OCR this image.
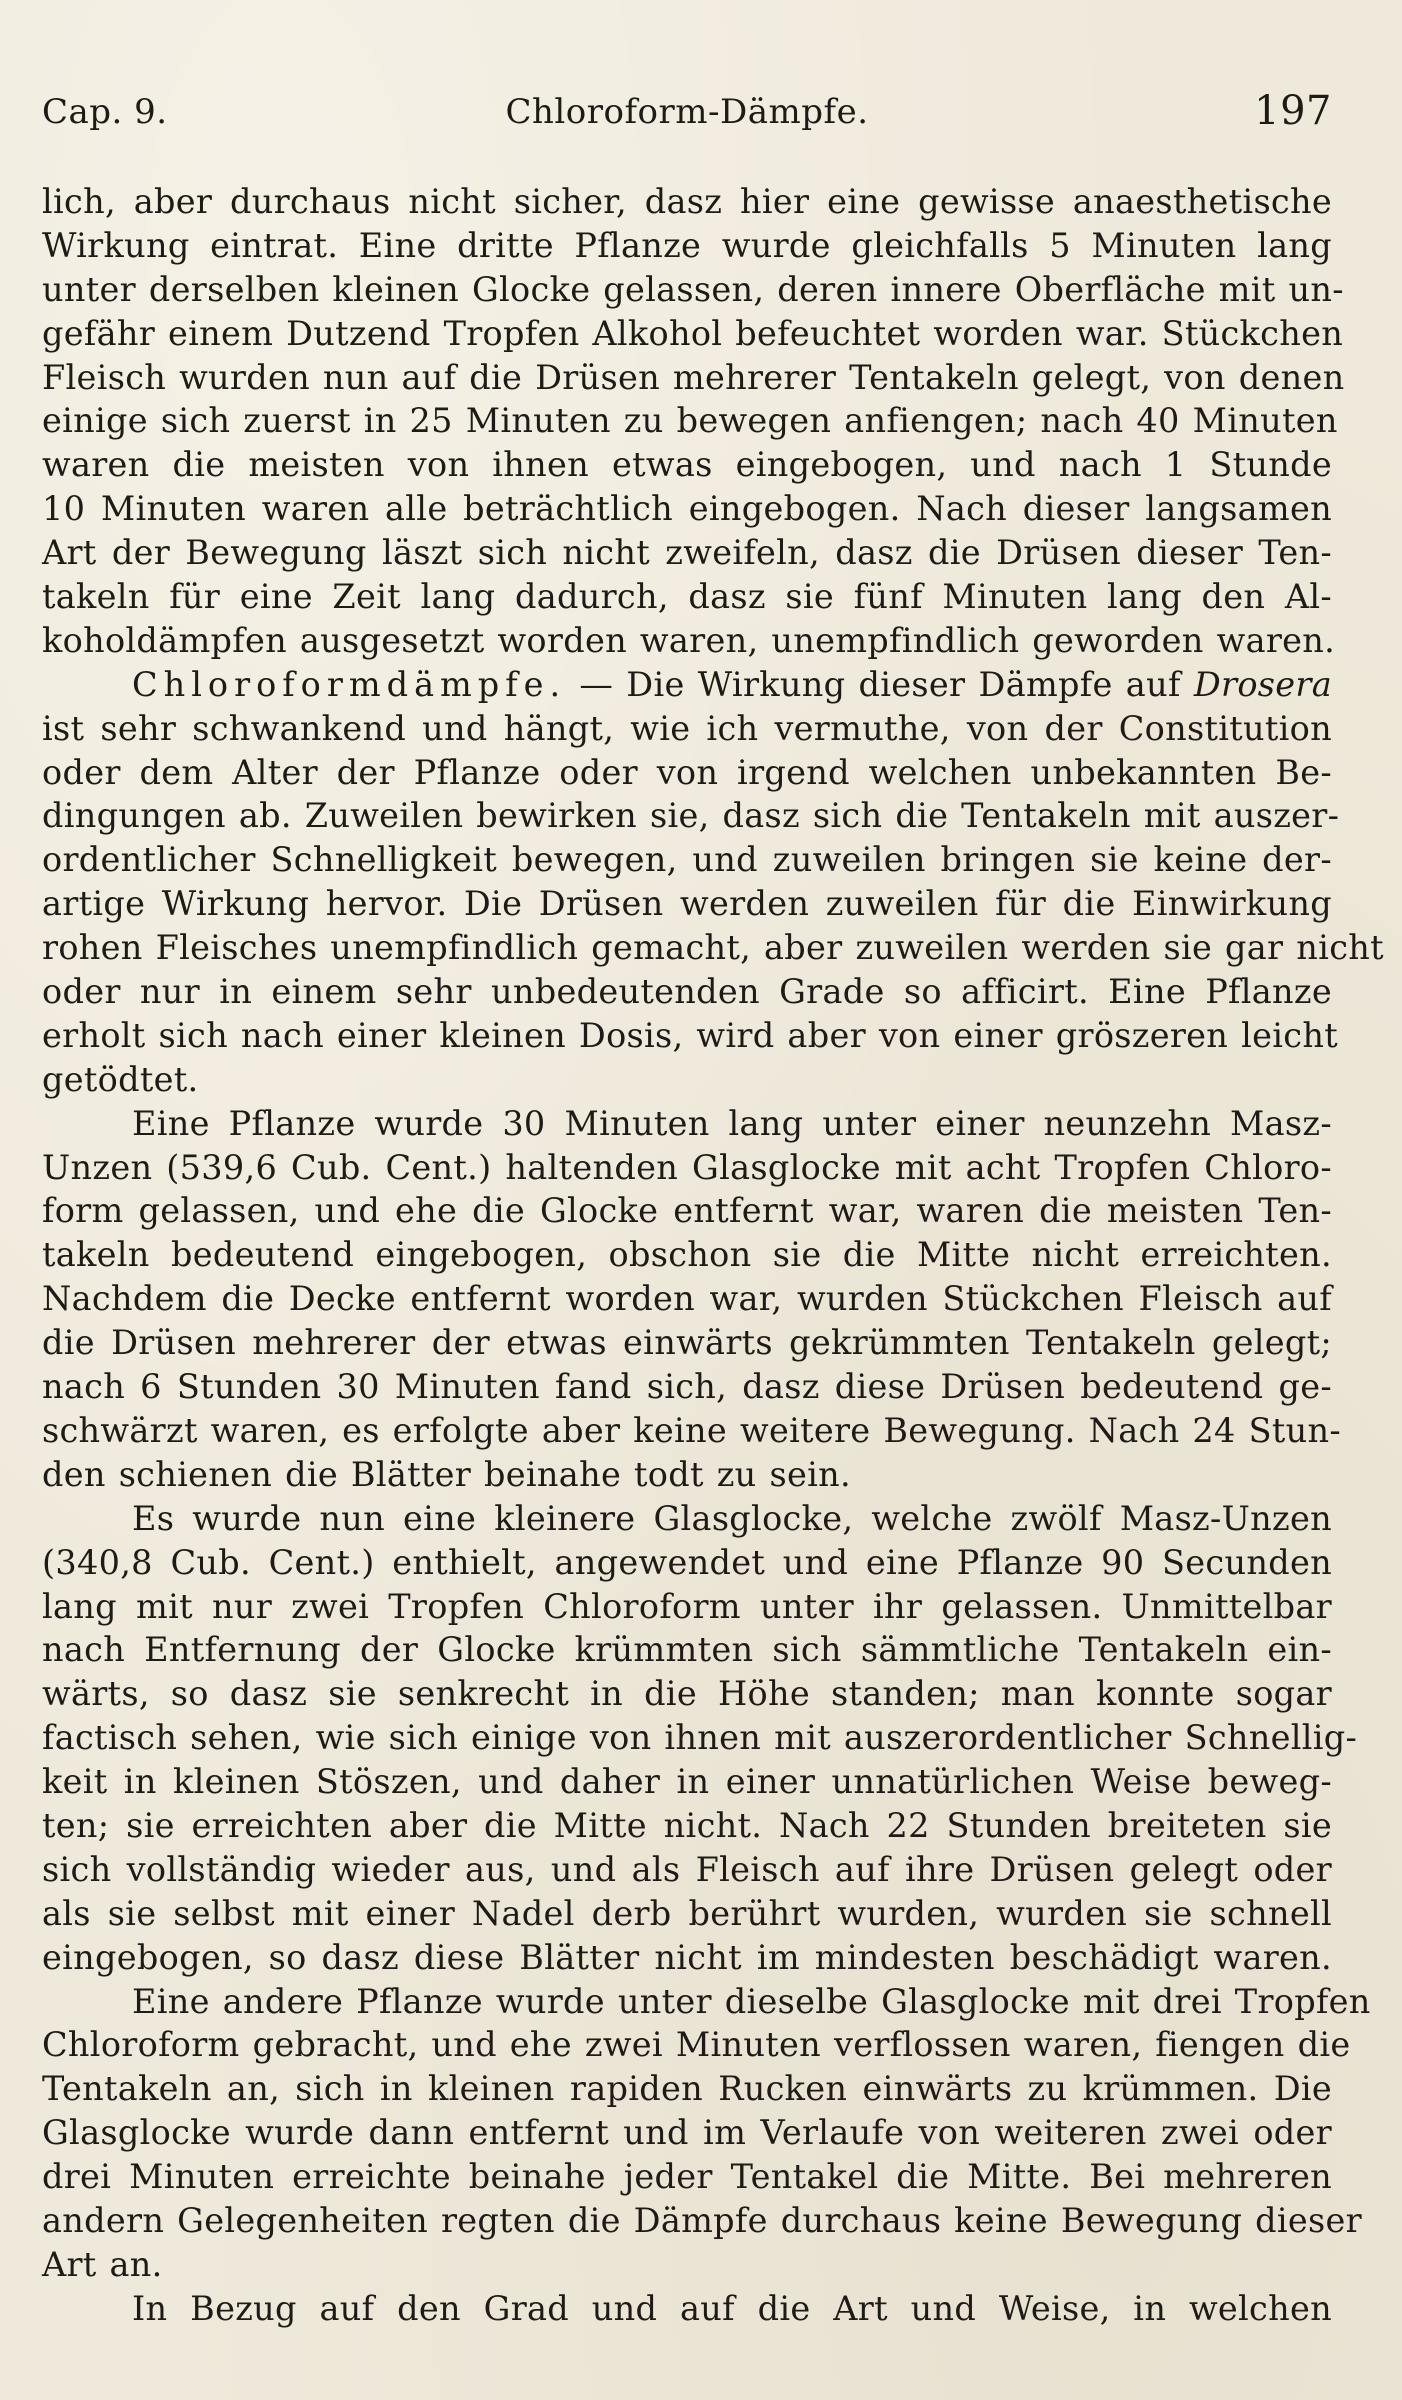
Cap. 9.	Chloroform-Dämpfe.	197
lich, aber durchaus nicht sicher, dasz hier eine gewisse anaesthetische
Wirkung eintrat. Eine dritte Pflanze wurde gleichfalls 5 Minuten lang
unter derselben kleinen Glocke gelassen, deren innere Oberfläche mit un-
gefähr einem Dutzend Tropfen Alkohol befeuchtet worden war. Stückchen
Fleisch wurden nun auf die Drüsen mehrerer Tentakeln gelegt, von denen
einige sich zuerst in 25 Minuten zu bewegen anfiengen; nach 40 Minuten
waren die meisten von ihnen etwas eingebogen, und nach 1 Stunde
10 Minuten waren alle beträchtlich eingebogen. Nach dieser langsamen
Art der Bewegung läszt sich nicht zweifeln, dasz die Drüsen dieser Ten-
takeln für eine Zeit lang dadurch, dasz sie fünf Minuten lang den Al-
koholdämpfen ausgesetzt worden waren, unempfindlich geworden waren.
Chloroformdämpfe. — Die Wirkung dieser Dämpfe auf Drosera
ist sehr schwankend und hängt, wie ich vermuthe, von der Constitution
oder dem Alter der Pflanze oder von irgend welchen unbekannten Be-
dingungen ab. Zuweilen bewirken sie, dasz sich die Tentakeln mit auszer-
ordentlicher Schnelligkeit bewegen, und zuweilen bringen sie keine der-
artige Wirkung hervor. Die Drüsen werden zuweilen für die Einwirkung
rohen Fleisches unempfindlich gemacht, aber zuweilen werden sie gar nicht
oder nur in einem sehr unbedeutenden Grade so afficirt. Eine Pflanze
erholt sich nach einer kleinen Dosis, wird aber von einer gröszeren leicht
getödtet.
Eine Pflanze wurde 30 Minuten lang unter einer neunzehn Masz-
Unzen (539,6 Cub. Cent.) haltenden Glasglocke mit acht Tropfen Chloro-
form gelassen, und ehe die Glocke entfernt war, waren die meisten Ten-
takeln bedeutend eingebogen, obschon sie die Mitte nicht erreichten.
Nachdem die Decke entfernt worden war, wurden Stückchen Fleisch auf
die Drüsen mehrerer der etwas einwärts gekrümmten Tentakeln gelegt;
nach 6 Stunden 30 Minuten fand sich, dasz diese Drüsen bedeutend ge-
schwärzt waren, es erfolgte aber keine weitere Bewegung. Nach 24 Stun-
den schienen die Blätter beinahe todt zu sein.
Es wurde nun eine kleinere Glasglocke, welche zwölf Masz-Unzen
(340,8 Cub. Cent.) enthielt, angewendet und eine Pflanze 90 Secunden
lang mit nur zwei Tropfen Chloroform unter ihr gelassen. Unmittelbar
nach Entfernung der Glocke krümmten sich sämmtliche Tentakeln ein-
wärts, so dasz sie senkrecht in die Höhe standen; man konnte sogar
factisch sehen, wie sich einige von ihnen mit auszerordentlicher Schnellig-
keit in kleinen Stöszen, und daher in einer unnatürlichen Weise beweg-
ten; sie erreichten aber die Mitte nicht. Nach 22 Stunden breiteten sie
sich vollständig wieder aus, und als Fleisch auf ihre Drüsen gelegt oder
als sie selbst mit einer Nadel derb berührt wurden, wurden sie schnell
eingebogen, so dasz diese Blätter nicht im mindesten beschädigt waren.
Eine andere Pflanze wurde unter dieselbe Glasglocke mit drei Tropfen
Chloroform gebracht, und ehe zwei Minuten verflossen waren, fiengen die
Tentakeln an, sich in kleinen rapiden Rucken einwärts zu krümmen. Die
Glasglocke wurde dann entfernt und im Verlaufe von weiteren zwei oder
drei Minuten erreichte beinahe jeder Tentakel die Mitte. Bei mehreren
andern Gelegenheiten regten die Dämpfe durchaus keine Bewegung dieser
Art an.
In Bezug auf den Grad und auf die Art und Weise, in welchen
